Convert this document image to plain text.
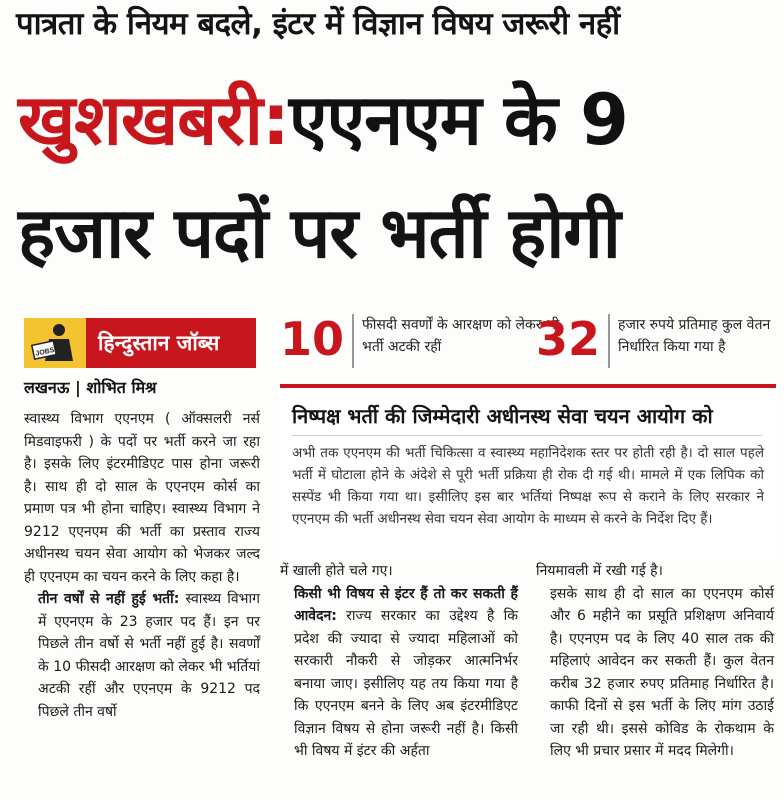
पात्रता के नियम बदले, इंटर में विज्ञान विषय जरूरी नहीं
खुशखबरी:एएनएम के 9
हजार पदों पर भर्ती होगी
JOBS	हिन्दुस्तान जॉब्स
लखनऊ | शोभित मिश्र
10 फीसदी सवर्णों के आरक्षण को लेकर भी भर्ती अटकी रहीं	32 हजार रुपये प्रतिमाह कुल वेतन निर्धारित किया गया है
निष्पक्ष भर्ती की जिम्मेदारी अधीनस्थ सेवा चयन आयोग को
अभी तक एएनएम की भर्ती चिकित्सा व स्वास्थ्य महानिदेशक स्तर पर होती रही है। दो साल पहले भर्ती में घोटाला होने के अंदेशे से पूरी भर्ती प्रक्रिया ही रोक दी गई थी। मामले में एक लिपिक को सस्पेंड भी किया गया था। इसीलिए इस बार भर्तियां निष्पक्ष रूप से कराने के लिए सरकार ने एएनएम की भर्ती अधीनस्थ सेवा चयन सेवा आयोग के माध्यम से करने के निर्देश दिए हैं।

स्वास्थ्य विभाग एएनएम ( ऑक्सलरी नर्स मिडवाइफरी ) के पदों पर भर्ती करने जा रहा है। इसके लिए इंटरमीडिएट पास होना जरूरी है। साथ ही दो साल के एएनएम कोर्स का प्रमाण पत्र भी होना चाहिए। स्वास्थ्य विभाग ने 9212 एएनएम की भर्ती का प्रस्ताव राज्य अधीनस्थ चयन सेवा आयोग को भेजकर जल्द ही एएनएम का चयन करने के लिए कहा है।

तीन वर्षों से नहीं हुई भर्ती: स्वास्थ्य विभाग में एएनएम के 23 हजार पद हैं। इन पर पिछले तीन वर्षो से भर्ती नहीं हुई है। सवर्णों के 10 फीसदी आरक्षण को लेकर भी भर्तियां अटकी रहीं और एएनएम के 9212 पद पिछले तीन वर्षो

में खाली होते चले गए।

किसी भी विषय से इंटर हैं तो कर सकती हैं आवेदन: राज्य सरकार का उद्देश्य है कि प्रदेश की ज्यादा से ज्यादा महिलाओं को सरकारी नौकरी से जोड़कर आत्मनिर्भर बनाया जाए। इसीलिए यह तय किया गया है कि एएनएम बनने के लिए अब इंटरमीडिएट विज्ञान विषय से होना जरूरी नहीं है। किसी भी विषय में इंटर की अर्हता

नियमावली में रखी गई है।

इसके साथ ही दो साल का एएनएम कोर्स और 6 महीने का प्रसूति प्रशिक्षण अनिवार्य है। एएनएम पद के लिए 40 साल तक की महिलाएं आवेदन कर सकती हैं। कुल वेतन करीब 32 हजार रुपए प्रतिमाह निर्धारित है। काफी दिनों से इस भर्ती के लिए मांग उठाई जा रही थी। इससे कोविड के रोकथाम के लिए भी प्रचार प्रसार में मदद मिलेगी।
